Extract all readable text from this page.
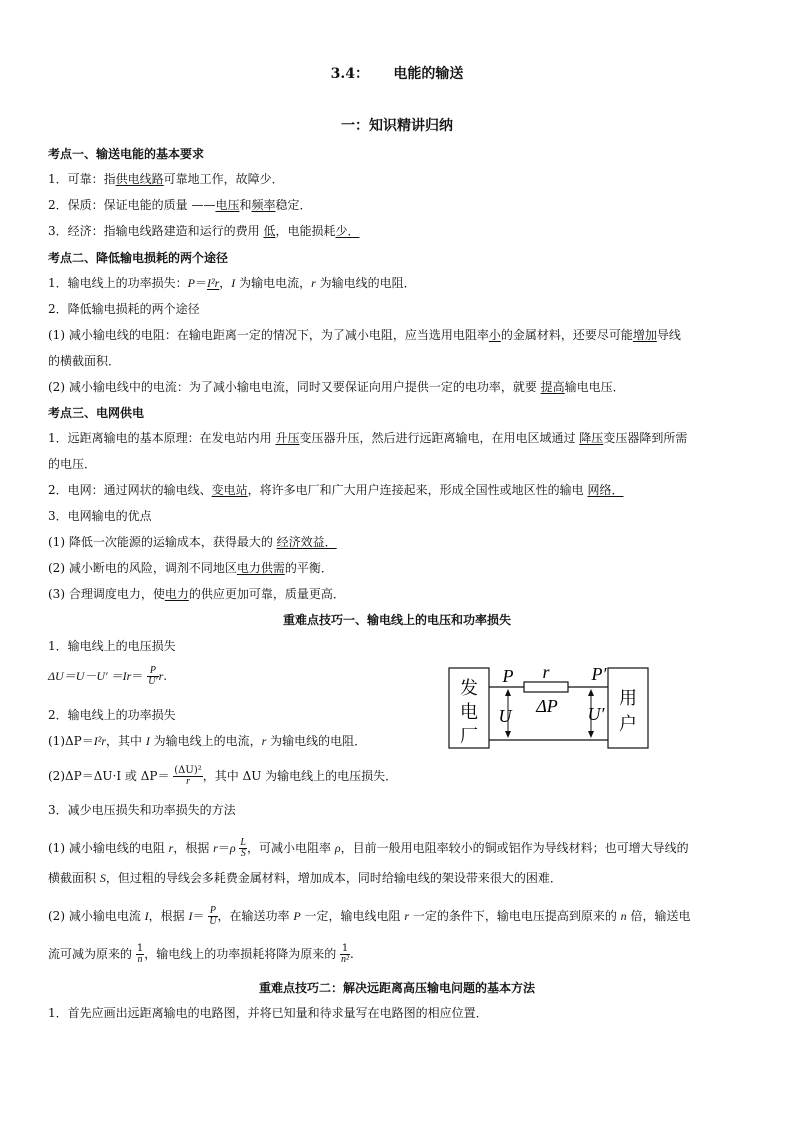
3.4： 电能的输送
一：知识精讲归纳
考点一、输送电能的基本要求
1．可靠：指供电线路可靠地工作，故障少．
2．保质：保证电能的质量 ——电压和频率稳定．
3．经济：指输电线路建造和运行的费用 低，电能损耗少．
考点二、降低输电损耗的两个途径
1．输电线上的功率损失：P＝I²r，I 为输电电流，r 为输电线的电阻．
2．降低输电损耗的两个途径
(1) 减小输电线的电阻：在输电距离一定的情况下，为了减小电阻，应当选用电阻率小的金属材料，还要尽可能增加导线
的横截面积．
(2) 减小输电线中的电流：为了减小输电电流，同时又要保证向用户提供一定的电功率，就要 提高输电电压．
考点三、电网供电
1．远距离输电的基本原理：在发电站内用 升压变压器升压，然后进行远距离输电，在用电区域通过 降压变压器降到所需
的电压．
2．电网：通过网状的输电线、变电站，将许多电厂和广大用户连接起来，形成全国性或地区性的输电 网络．
3．电网输电的优点
(1) 降低一次能源的运输成本，获得最大的 经济效益．
(2) 减小断电的风险，调剂不同地区电力供需的平衡．
(3) 合理调度电力，使电力的供应更加可靠，质量更高．
重难点技巧一、输电线上的电压和功率损失
1．输电线上的电压损失
$\Delta U=U-U' =Ir= \frac{P}{U'} r$.
2．输电线上的功率损失
(1)ΔP＝I²r，其中 I 为输电线上的电流，r 为输电线的电阻．
(2)ΔP＝ΔU·I 或 $\Delta P= \frac{\text{(ΔU)²}}{r}$ ，其中 ΔU 为输电线上的电压损失．
3．减少电压损失和功率损失的方法
(1) 减小输电线的电阻 r，根据 $r=\rho \frac{L}{S}$ ，可减小电阻率 ρ，目前一般用电阻率较小的铜或铝作为导线材料；也可增大导线的
横截面积 S，但过粗的导线会多耗费金属材料，增加成本，同时给输电线的架设带来很大的困难．
(2) 减小输电电流 I，根据 $I= \frac{P}{U}$ ，在输送功率 P 一定，输电线电阻 r 一定的条件下，输电电压提高到原来的 n 倍，输送电
流可减为原来的 $\frac{1}{n}$ ，输电线上的功率损耗将降为原来的 $\frac{1}{\text{n²}}$ .
发电厂
用户
P r P′
ΔP
U	U′
重难点技巧二：解决远距离高压输电问题的基本方法
1．首先应画出远距离输电的电路图，并将已知量和待求量写在电路图的相应位置．
